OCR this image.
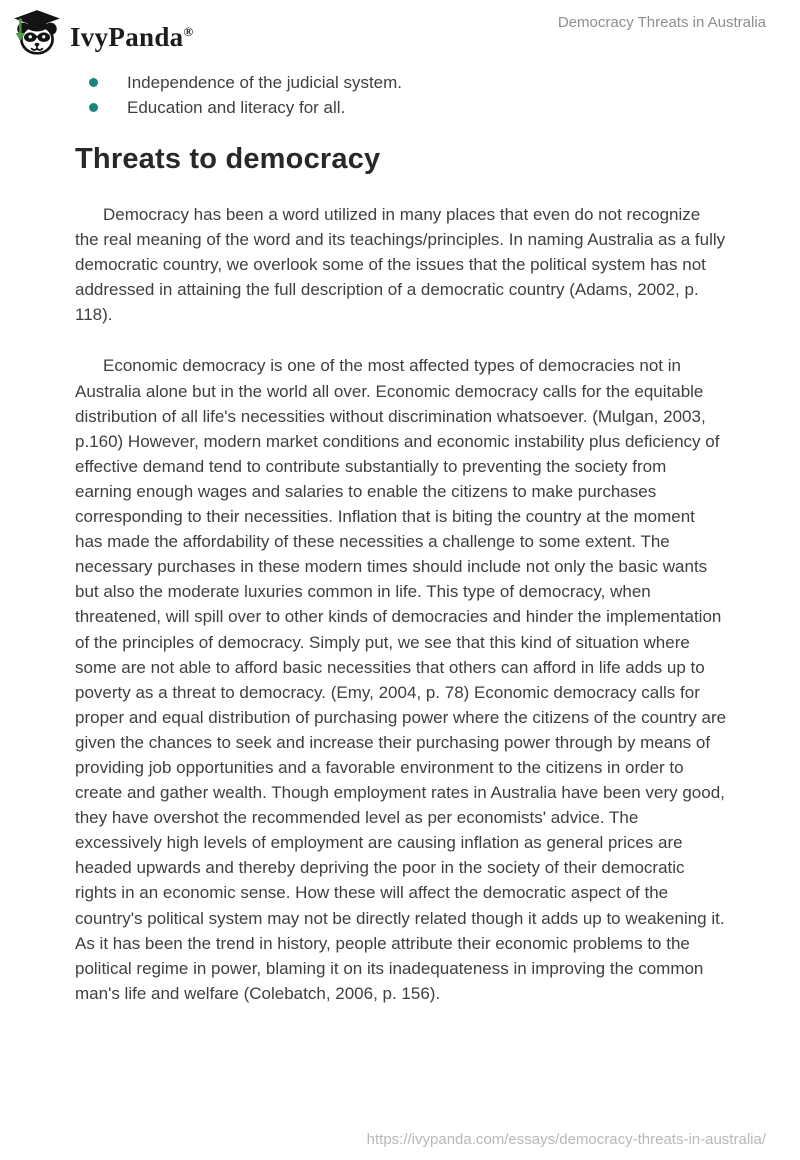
IvyPanda®
Democracy Threats in Australia
Independence of the judicial system.
Education and literacy for all.
Threats to democracy

Democracy has been a word utilized in many places that even do not recognize the real meaning of the word and its teachings/principles. In naming Australia as a fully democratic country, we overlook some of the issues that the political system has not addressed in attaining the full description of a democratic country (Adams, 2002, p. 118).

Economic democracy is one of the most affected types of democracies not in Australia alone but in the world all over. Economic democracy calls for the equitable distribution of all life's necessities without discrimination whatsoever. (Mulgan, 2003, p.160) However, modern market conditions and economic instability plus deficiency of effective demand tend to contribute substantially to preventing the society from earning enough wages and salaries to enable the citizens to make purchases corresponding to their necessities. Inflation that is biting the country at the moment has made the affordability of these necessities a challenge to some extent. The necessary purchases in these modern times should include not only the basic wants but also the moderate luxuries common in life. This type of democracy, when threatened, will spill over to other kinds of democracies and hinder the implementation of the principles of democracy. Simply put, we see that this kind of situation where some are not able to afford basic necessities that others can afford in life adds up to poverty as a threat to democracy. (Emy, 2004, p. 78) Economic democracy calls for proper and equal distribution of purchasing power where the citizens of the country are given the chances to seek and increase their purchasing power through by means of providing job opportunities and a favorable environment to the citizens in order to create and gather wealth. Though employment rates in Australia have been very good, they have overshot the recommended level as per economists' advice. The excessively high levels of employment are causing inflation as general prices are headed upwards and thereby depriving the poor in the society of their democratic rights in an economic sense. How these will affect the democratic aspect of the country's political system may not be directly related though it adds up to weakening it. As it has been the trend in history, people attribute their economic problems to the political regime in power, blaming it on its inadequateness in improving the common man's life and welfare (Colebatch, 2006, p. 156).

https://ivypanda.com/essays/democracy-threats-in-australia/
